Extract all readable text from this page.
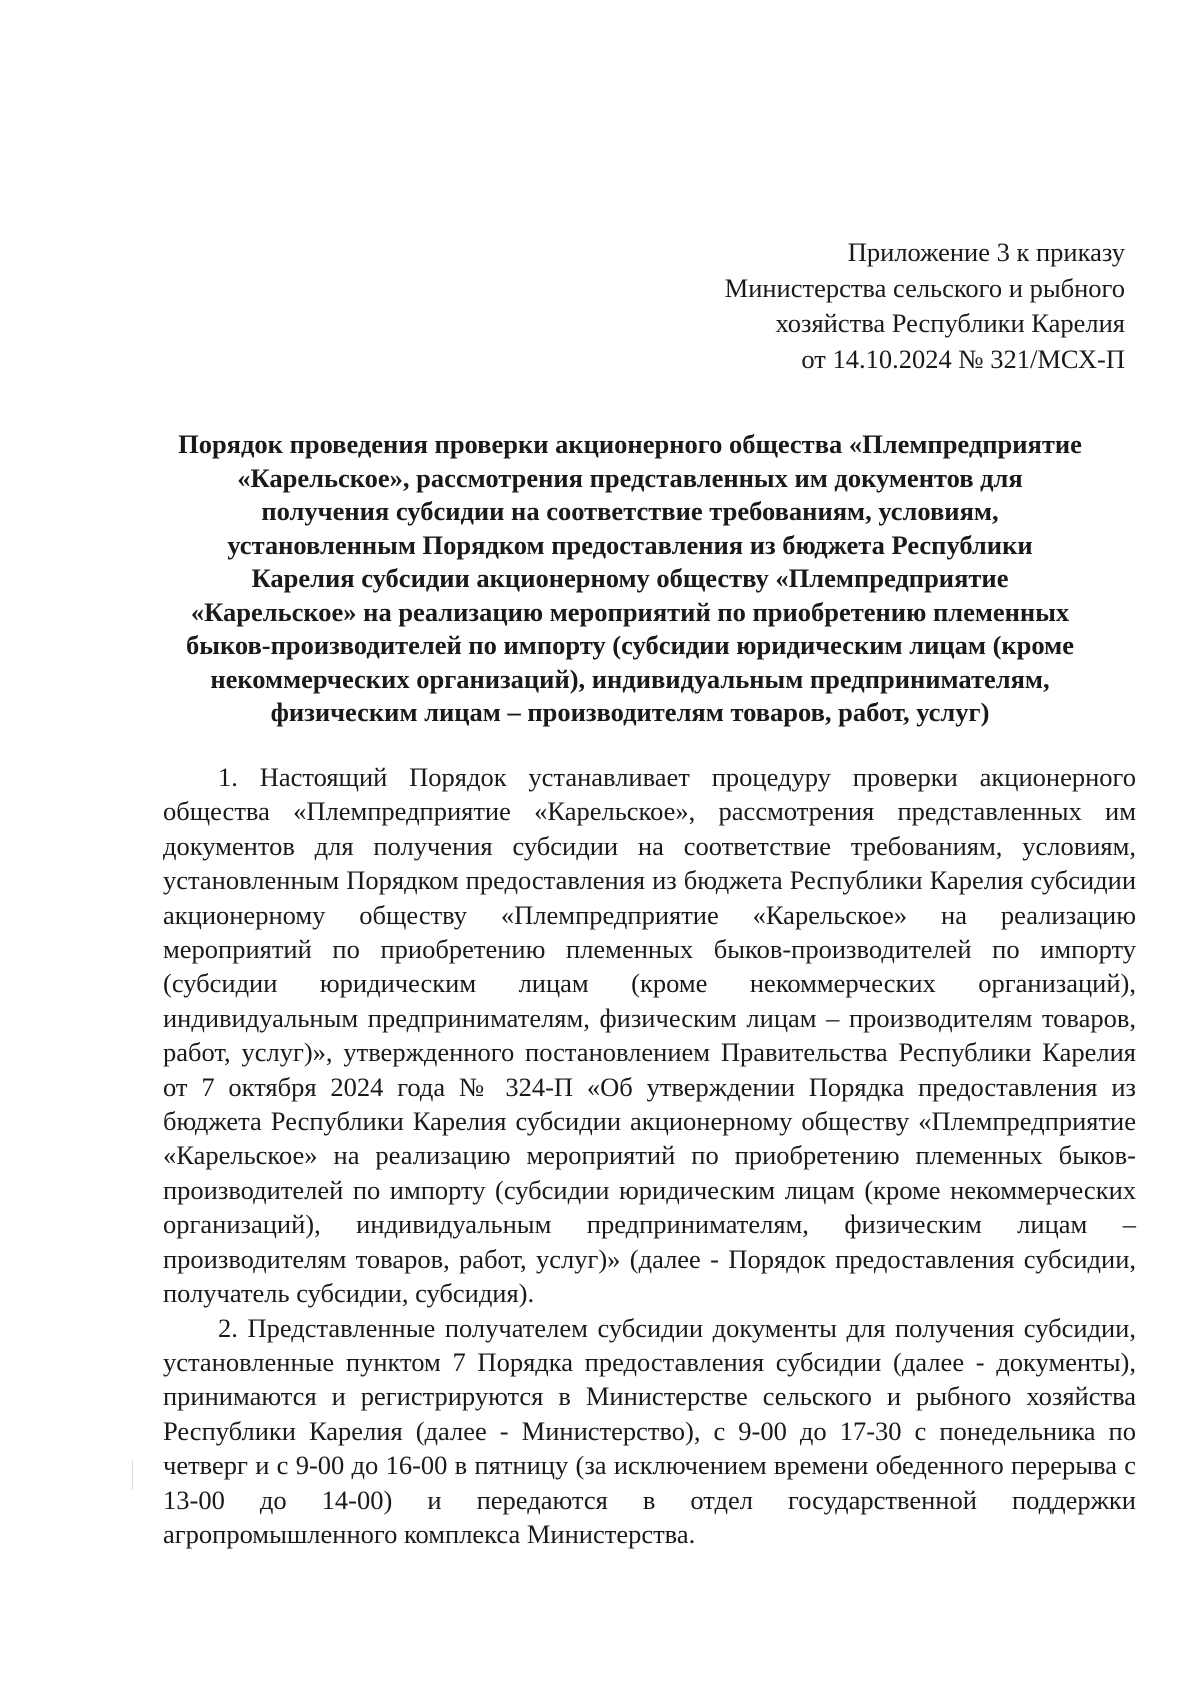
Приложение 3 к приказу
Министерства сельского и рыбного
хозяйства Республики Карелия
от 14.10.2024 № 321/МСХ-П
Порядок проведения проверки акционерного общества «Племпредприятие
«Карельское», рассмотрения представленных им документов для
получения субсидии на соответствие требованиям, условиям,
установленным Порядком предоставления из бюджета Республики
Карелия субсидии акционерному обществу «Племпредприятие
«Карельское» на реализацию мероприятий по приобретению племенных
быков-производителей по импорту (субсидии юридическим лицам (кроме
некоммерческих организаций), индивидуальным предпринимателям,
физическим лицам – производителям товаров, работ, услуг)

1. Настоящий Порядок устанавливает процедуру проверки акционерного общества «Племпредприятие «Карельское», рассмотрения представленных им документов для получения субсидии на соответствие требованиям, условиям, установленным Порядком предоставления из бюджета Республики Карелия субсидии акционерному обществу «Племпредприятие «Карельское» на реализацию мероприятий по приобретению племенных быков-производителей по импорту (субсидии юридическим лицам (кроме некоммерческих организаций), индивидуальным предпринимателям, физическим лицам – производителям товаров, работ, услуг)», утвержденного постановлением Правительства Республики Карелия от 7 октября 2024 года № 324-П «Об утверждении Порядка предоставления из бюджета Республики Карелия субсидии акционерному обществу «Племпредприятие «Карельское» на реализацию мероприятий по приобретению племенных быков-производителей по импорту (субсидии юридическим лицам (кроме некоммерческих организаций), индивидуальным предпринимателям, физическим лицам – производителям товаров, работ, услуг)» (далее - Порядок предоставления субсидии, получатель субсидии, субсидия).

2. Представленные получателем субсидии документы для получения субсидии, установленные пунктом 7 Порядка предоставления субсидии (далее - документы), принимаются и регистрируются в Министерстве сельского и рыбного хозяйства Республики Карелия (далее - Министерство), с 9-00 до 17-30 с понедельника по четверг и с 9-00 до 16-00 в пятницу (за исключением времени обеденного перерыва с 13-00 до 14-00) и передаются в отдел государственной поддержки агропромышленного комплекса Министерства.
